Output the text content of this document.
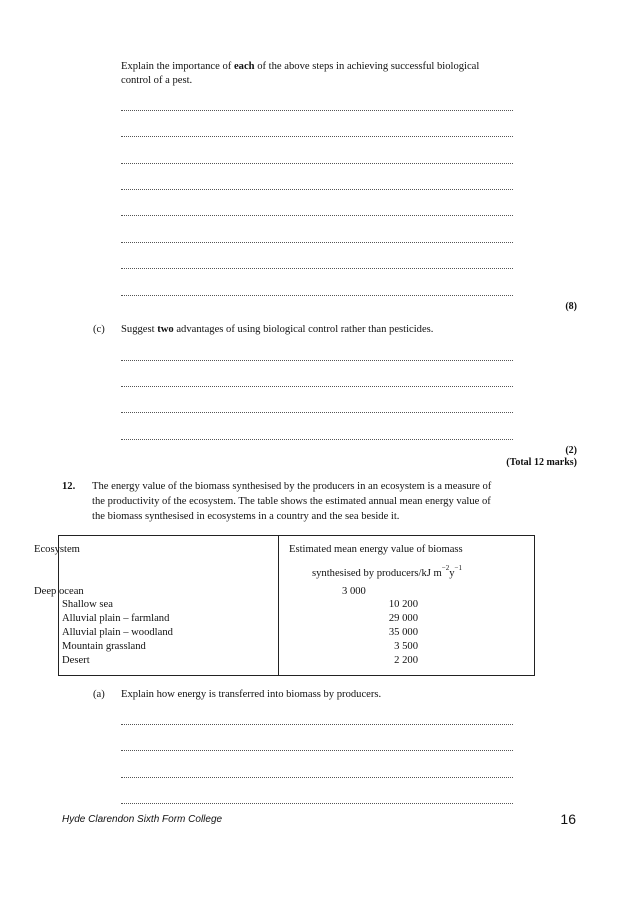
Explain the importance of each of the above steps in achieving successful biological
control of a pest.
(8)
(c) Suggest two advantages of using biological control rather than pesticides.
(2)
(Total 12 marks)
12. The energy value of the biomass synthesised by the producers in an ecosystem is a measure of
the productivity of the ecosystem. The table shows the estimated annual mean energy value of
the biomass synthesised in ecosystems in a country and the sea beside it.
Ecosystem	Estimated mean energy value of biomass
synthesised by producers/kJ $m^{-2}y^{-1}$
Deep ocean
Shallow sea
Alluvial plain – farmland
Alluvial plain – woodland
Mountain grassland
Desert
3 000
10 200
29 000
35 000
3 500
2 200
(a) Explain how energy is transferred into biomass by producers.
Hyde Clarendon Sixth Form College	16
